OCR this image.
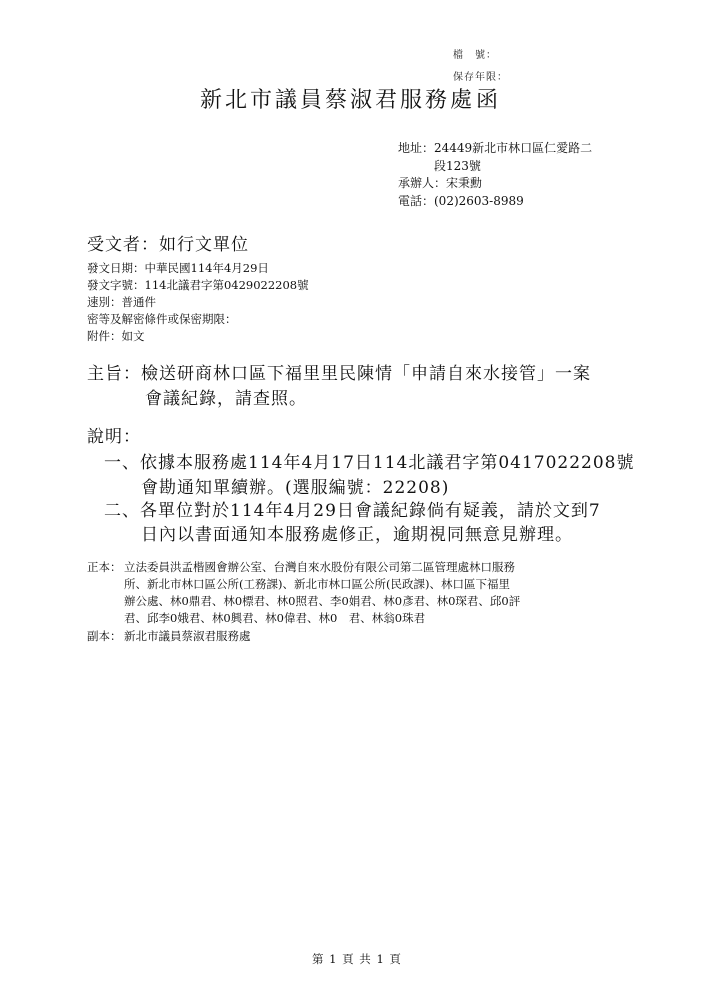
檔　號：
保存年限：
新北市議員蔡淑君服務處 函
地址：24449新北市林口區仁愛路二
段123號
承辦人：宋秉勳
電話：(02)2603-8989
受文者：如行文單位
發文日期：中華民國114年4月29日
發文字號：114北議君字第0429022208號
速別：普通件
密等及解密條件或保密期限：
附件：如文
主旨：檢送研商林口區下福里里民陳情「申請自來水接管」一案
會議紀錄，請查照。
說明：
一、依據本服務處114年4月17日114北議君字第0417022208號
會勘通知單續辦。(選服編號：22208)
二、各單位對於114年4月29日會議紀錄倘有疑義，請於文到7
日內以書面通知本服務處修正，逾期視同無意見辦理。
正本： 立法委員洪孟楷國會辦公室、台灣自來水股份有限公司第二區管理處林口服務
所、新北市林口區公所(工務課)、新北市林口區公所(民政課)、林口區下福里
辦公處、林0鼎君、林0標君、林0照君、李0娟君、林0彥君、林0琛君、邱0評
君、邱李0娥君、林0興君、林0偉君、林0　君、林翁0珠君
副本： 新北市議員蔡淑君服務處
第 1 頁 共 1 頁
